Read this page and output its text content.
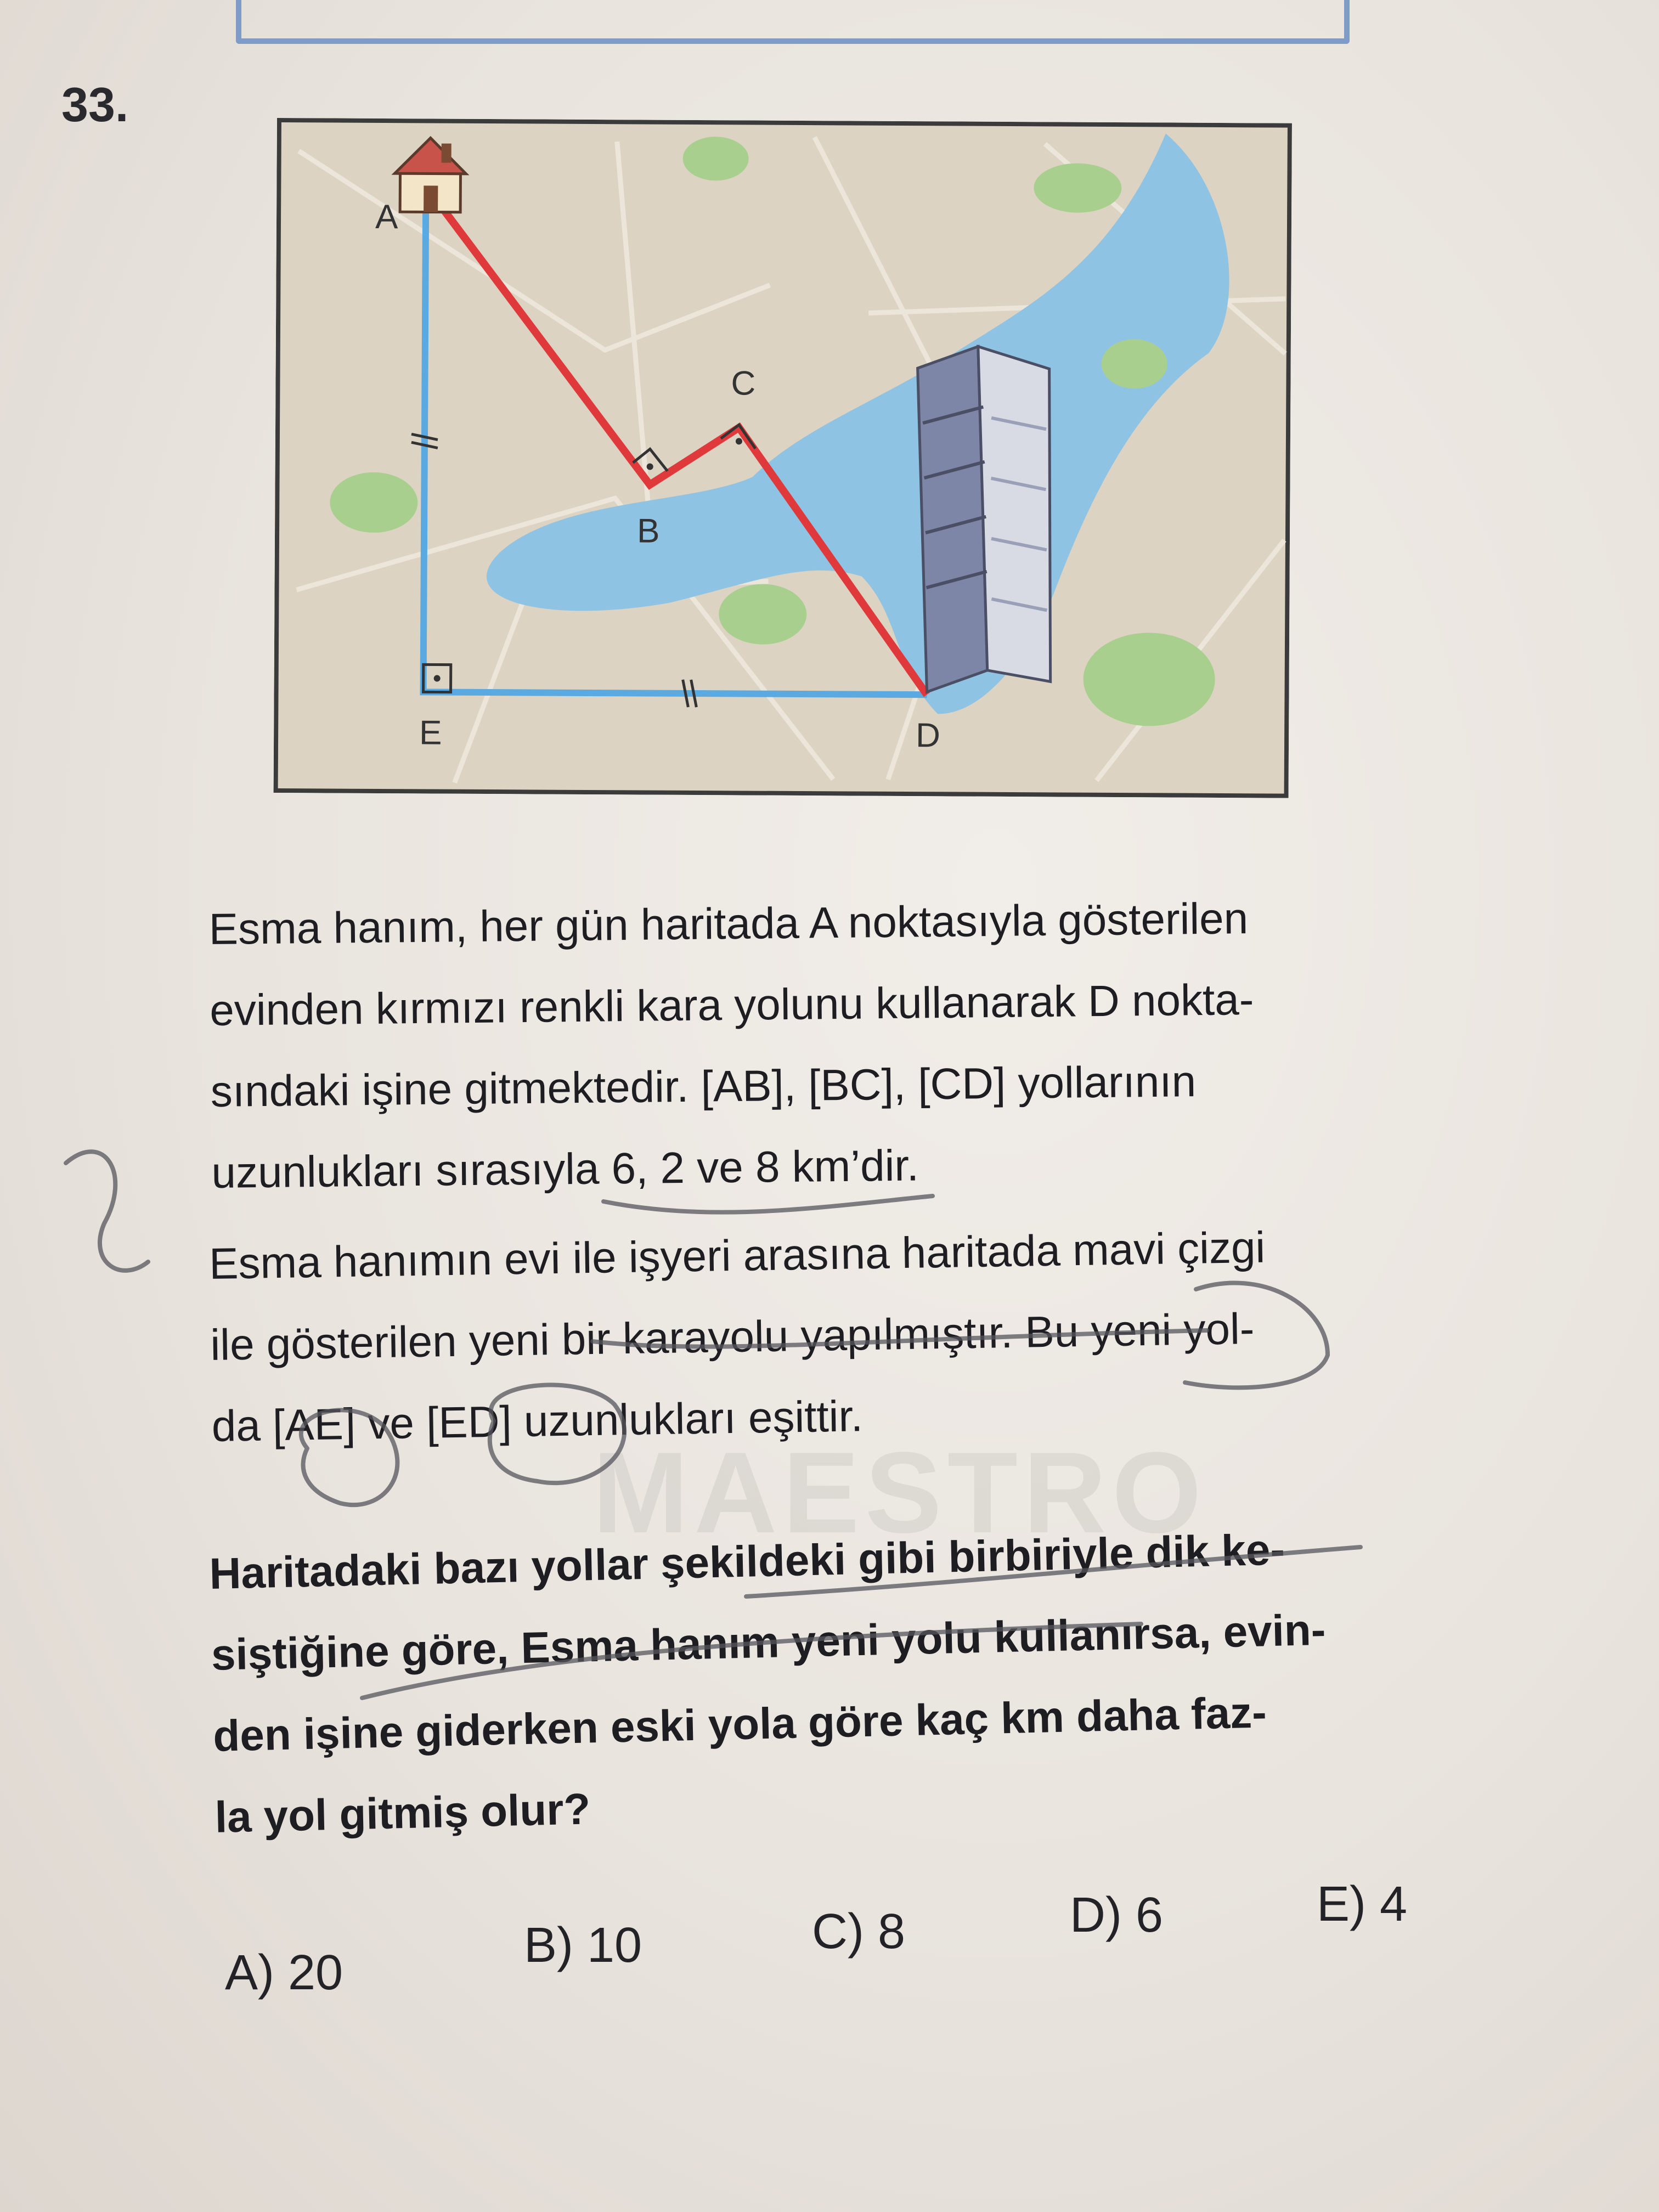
33.
A
B
C
D
E
Esma hanım, her gün haritada A noktasıyla gösterilen
evinden kırmızı renkli kara yolunu kullanarak D nokta-
sındaki işine gitmektedir. [AB], [BC], [CD] yollarının
uzunlukları sırasıyla 6, 2 ve 8 km’dir.
Esma hanımın evi ile işyeri arasına haritada mavi çizgi
ile gösterilen yeni bir karayolu yapılmıştır. Bu yeni yol-
da [AE] ve [ED] uzunlukları eşittir.
MAESTRO
Haritadaki bazı yollar şekildeki gibi birbiriyle dik ke-
siştiğine göre, Esma hanım yeni yolu kullanırsa, evin-
den işine giderken eski yola göre kaç km daha faz-
la yol gitmiş olur?
A) 20	B) 10	C) 8	D) 6	E) 4
